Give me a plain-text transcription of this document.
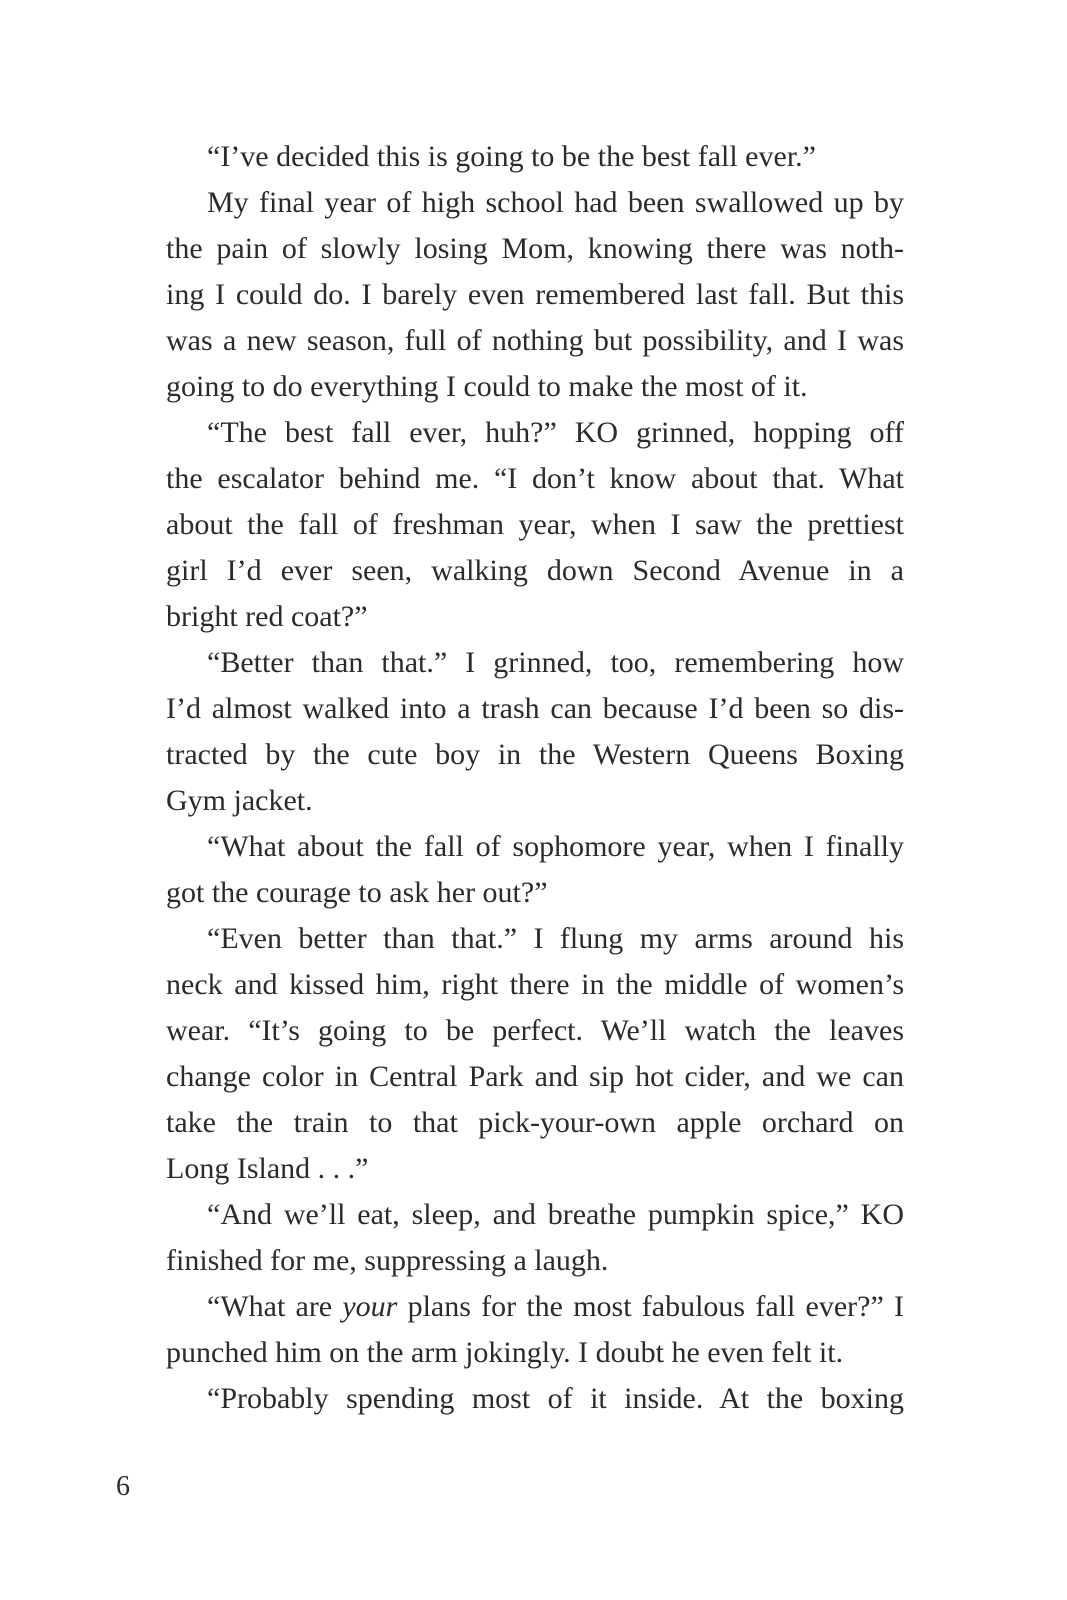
“I’ve decided this is going to be the best fall ever.”
My final year of high school had been swallowed up by
the pain of slowly losing Mom, knowing there was noth-
ing I could do. I barely even remembered last fall. But this
was a new season, full of nothing but possibility, and I was
going to do everything I could to make the most of it.
“The best fall ever, huh?” KO grinned, hopping off
the escalator behind me. “I don’t know about that. What
about the fall of freshman year, when I saw the prettiest
girl I’d ever seen, walking down Second Avenue in a
bright red coat?”
“Better than that.” I grinned, too, remembering how
I’d almost walked into a trash can because I’d been so dis-
tracted by the cute boy in the Western Queens Boxing
Gym jacket.
“What about the fall of sophomore year, when I finally
got the courage to ask her out?”
“Even better than that.” I flung my arms around his
neck and kissed him, right there in the middle of women’s
wear. “It’s going to be perfect. We’ll watch the leaves
change color in Central Park and sip hot cider, and we can
take the train to that pick-your-own apple orchard on
Long Island . . .”
“And we’ll eat, sleep, and breathe pumpkin spice,” KO
finished for me, suppressing a laugh.
“What are your plans for the most fabulous fall ever?” I
punched him on the arm jokingly. I doubt he even felt it.
“Probably spending most of it inside. At the boxing
6
